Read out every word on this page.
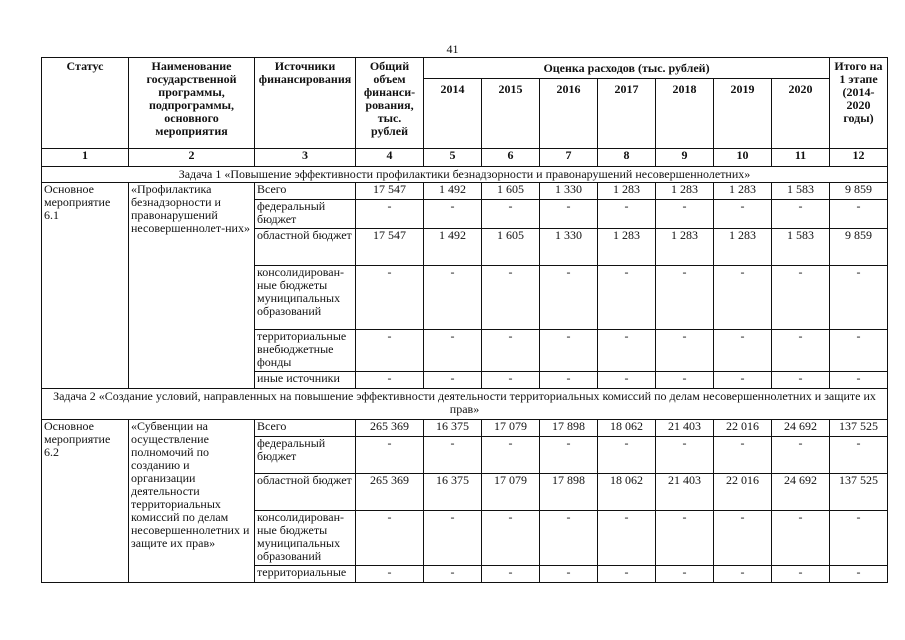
41
Статус	Наименование государственной программы, подпрограммы, основного мероприятия	Источники финансирования	Общий объем финанси-рования, тыс. рублей	Оценка расходов (тыс. рублей)							Итого на 1 этапе (2014-2020 годы)
				2014	2015	2016	2017	2018	2019	2020	
1	2	3	4	5	6	7	8	9	10	11	12
Задача 1 «Повышение эффективности профилактики безнадзорности и правонарушений несовершеннолетних»											
Основное мероприятие 6.1	«Профилактика безнадзорности и правонарушений несовершеннолет-них»	Всего	17 547	1 492	1 605	1 330	1 283	1 283	1 283	1 583	9 859
		федеральный бюджет	-	-	-	-	-	-	-	-	-
		областной бюджет	17 547	1 492	1 605	1 330	1 283	1 283	1 283	1 583	9 859
		консолидирован-ные бюджеты муниципальных образований	-	-	-	-	-	-	-	-	-
		территориальные внебюджетные фонды	-	-	-	-	-	-	-	-	-
		иные источники	-	-	-	-	-	-	-	-	-
Задача 2 «Создание условий, направленных на повышение эффективности деятельности территориальных комиссий по делам несовершеннолетних и защите их прав»											
Основное мероприятие 6.2	«Субвенции на осуществление полномочий по созданию и организации деятельности территориальных комиссий по делам несовершеннолетних и защите их прав»	Всего	265 369	16 375	17 079	17 898	18 062	21 403	22 016	24 692	137 525
		федеральный бюджет	-	-	-	-	-	-	-	-	-
		областной бюджет	265 369	16 375	17 079	17 898	18 062	21 403	22 016	24 692	137 525
		консолидирован-ные бюджеты муниципальных образований	-	-	-	-	-	-	-	-	-
		территориальные	-	-	-	-	-	-	-	-	-
